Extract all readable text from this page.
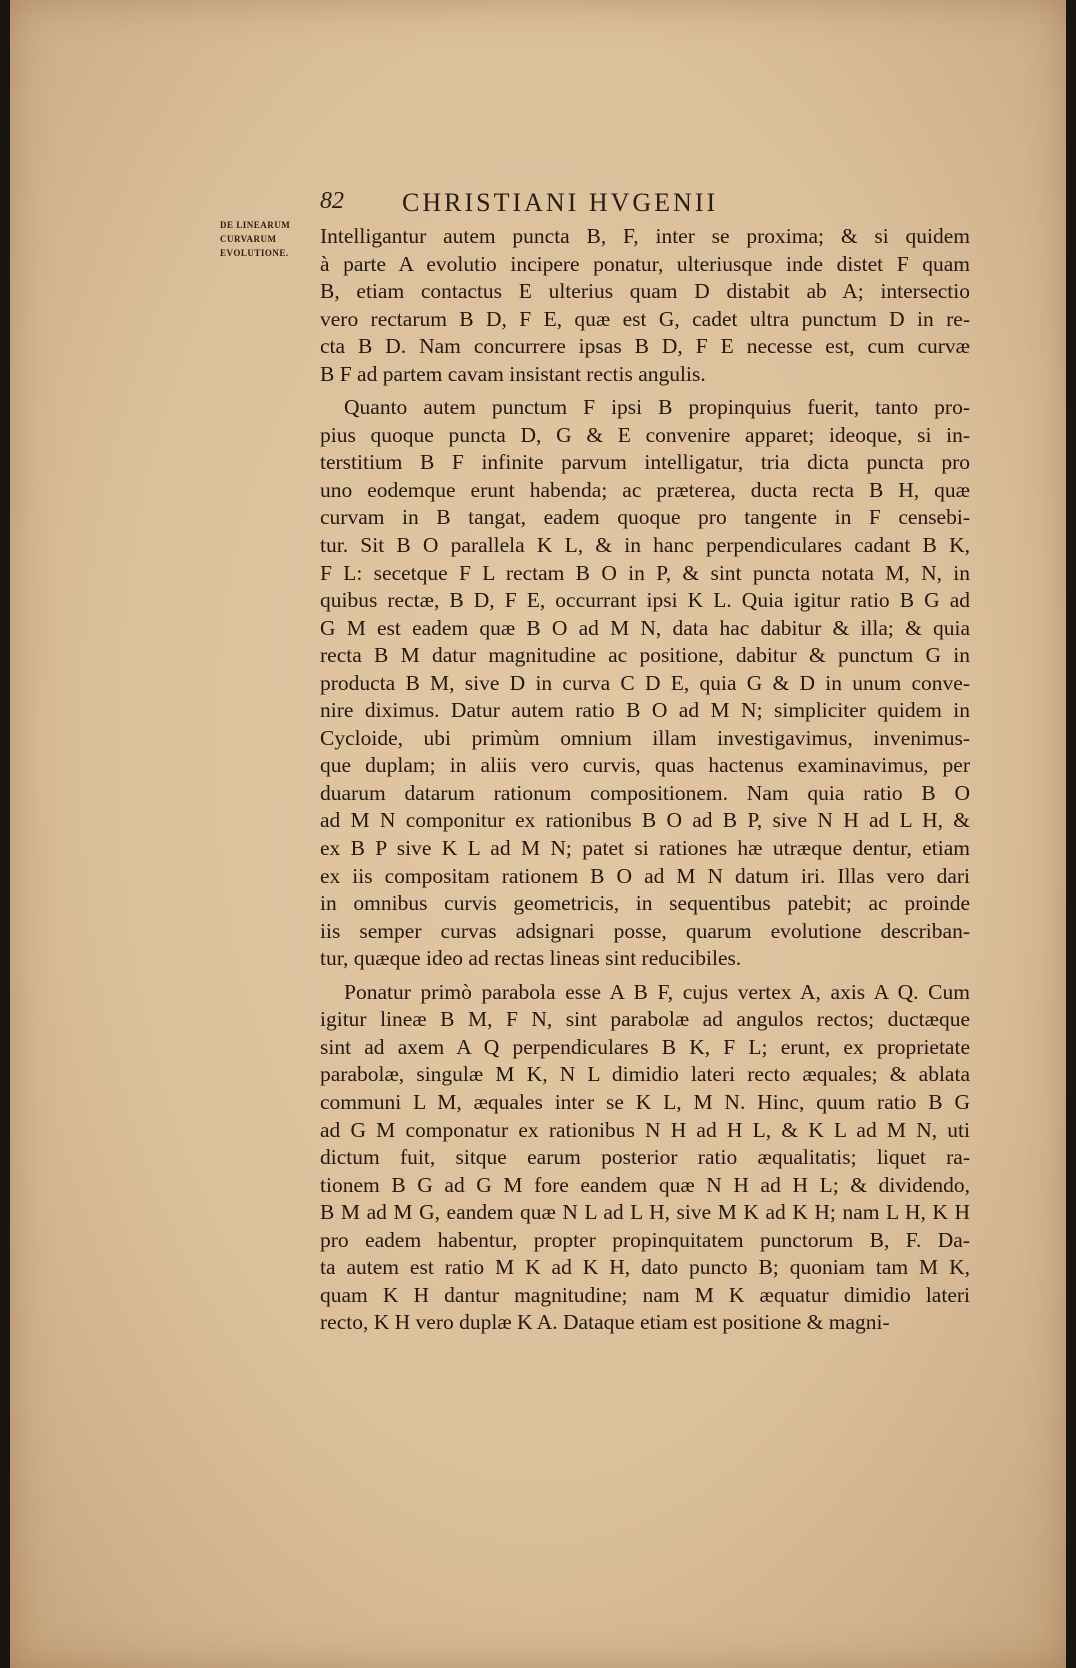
82 CHRISTIANI HVGENII
DE LINEARUM
CURVARUM
EVOLUTIONE.
Intelligantur autem puncta B, F, inter se proxima; & si quidem
à parte A evolutio incipere ponatur, ulteriusque inde distet F quam
B, etiam contactus E ulterius quam D distabit ab A; intersectio
vero rectarum B D, F E, quæ est G, cadet ultra punctum D in re-
cta B D. Nam concurrere ipsas B D, F E necesse est, cum curvæ
B F ad partem cavam insistant rectis angulis.
Quanto autem punctum F ipsi B propinquius fuerit, tanto pro-
pius quoque puncta D, G & E convenire apparet; ideoque, si in-
terstitium B F infinite parvum intelligatur, tria dicta puncta pro
uno eodemque erunt habenda; ac præterea, ducta recta B H, quæ
curvam in B tangat, eadem quoque pro tangente in F censebi-
tur. Sit B O parallela K L, & in hanc perpendiculares cadant B K,
F L: secetque F L rectam B O in P, & sint puncta notata M, N, in
quibus rectæ, B D, F E, occurrant ipsi K L. Quia igitur ratio B G ad
G M est eadem quæ B O ad M N, data hac dabitur & illa; & quia
recta B M datur magnitudine ac positione, dabitur & punctum G in
producta B M, sive D in curva C D E, quia G & D in unum conve-
nire diximus. Datur autem ratio B O ad M N; simpliciter quidem in
Cycloide, ubi primùm omnium illam investigavimus, invenimus-
que duplam; in aliis vero curvis, quas hactenus examinavimus, per
duarum datarum rationum compositionem. Nam quia ratio B O
ad M N componitur ex rationibus B O ad B P, sive N H ad L H, &
ex B P sive K L ad M N; patet si rationes hæ utræque dentur, etiam
ex iis compositam rationem B O ad M N datum iri. Illas vero dari
in omnibus curvis geometricis, in sequentibus patebit; ac proinde
iis semper curvas adsignari posse, quarum evolutione describan-
tur, quæque ideo ad rectas lineas sint reducibiles.
Ponatur primò parabola esse A B F, cujus vertex A, axis A Q. Cum
igitur lineæ B M, F N, sint parabolæ ad angulos rectos; ductæque
sint ad axem A Q perpendiculares B K, F L; erunt, ex proprietate
parabolæ, singulæ M K, N L dimidio lateri recto æquales; & ablata
communi L M, æquales inter se K L, M N. Hinc, quum ratio B G
ad G M componatur ex rationibus N H ad H L, & K L ad M N, uti
dictum fuit, sitque earum posterior ratio æqualitatis; liquet ra-
tionem B G ad G M fore eandem quæ N H ad H L; & dividendo,
B M ad M G, eandem quæ N L ad L H, sive M K ad K H; nam L H, K H
pro eadem habentur, propter propinquitatem punctorum B, F. Da-
ta autem est ratio M K ad K H, dato puncto B; quoniam tam M K,
quam K H dantur magnitudine; nam M K æquatur dimidio lateri
recto, K H vero duplæ K A. Dataque etiam est positione & magni-
